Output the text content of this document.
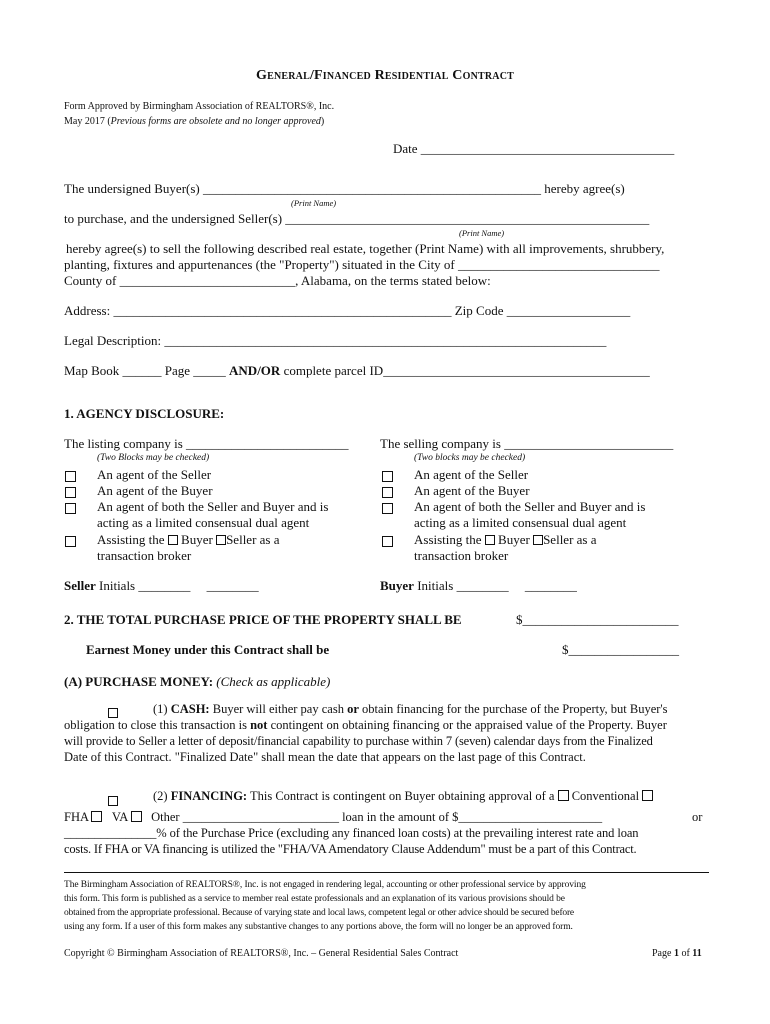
General/Financed Residential Contract
Form Approved by Birmingham Association of REALTORS®, Inc.
May 2017 (Previous forms are obsolete and no longer approved)
Date _______________________________________
The undersigned Buyer(s) ____________________________________________________ hereby agree(s)
(Print Name)
to purchase, and the undersigned Seller(s) ________________________________________________________
(Print Name)
hereby agree(s) to sell the following described real estate, together (Print Name) with all improvements, shrubbery,
planting, fixtures and appurtenances (the "Property") situated in the City of _______________________________
County of ___________________________, Alabama, on the terms stated below:
Address: ____________________________________________________ Zip Code ___________________
Legal Description: ____________________________________________________________________
Map Book ______ Page _____ AND/OR complete parcel ID_________________________________________
1. AGENCY DISCLOSURE:
The listing company is _________________________ The selling company is __________________________
(Two Blocks may be checked)	(Two blocks may be checked)
An agent of the Seller
An agent of the Buyer
An agent of both the Seller and Buyer and is
acting as a limited consensual dual agent
Assisting the Buyer Seller as a
transaction broker
An agent of the Seller
An agent of the Buyer
An agent of both the Seller and Buyer and is
acting as a limited consensual dual agent
Assisting the Buyer Seller as a
transaction broker
Seller Initials ________     ________	Buyer Initials ________     ________
2. THE TOTAL PURCHASE PRICE OF THE PROPERTY SHALL BE	$________________________
Earnest Money under this Contract shall be	$_________________
(A) PURCHASE MONEY: (Check as applicable)
(1) CASH: Buyer will either pay cash or obtain financing for the purchase of the Property, but Buyer's
obligation to close this transaction is not contingent on obtaining financing or the appraised value of the Property. Buyer
will provide to Seller a letter of deposit/financial capability to purchase within 7 (seven) calendar days from the Finalized
Date of this Contract. "Finalized Date" shall mean the date that appears on the last page of this Contract.
(2) FINANCING: This Contract is contingent on Buyer obtaining approval of a Conventional
FHA VA Other _________________________ loan in the amount of $_______________________	or
_______________% of the Purchase Price (excluding any financed loan costs) at the prevailing interest rate and loan
costs. If FHA or VA financing is utilized the "FHA/VA Amendatory Clause Addendum" must be a part of this Contract.
The Birmingham Association of REALTORS®, Inc. is not engaged in rendering legal, accounting or other professional service by approving
this form. This form is published as a service to member real estate professionals and an explanation of its various provisions should be
obtained from the appropriate professional. Because of varying state and local laws, competent legal or other advice should be secured before
using any form. If a user of this form makes any substantive changes to any portions above, the form will no longer be an approved form.
Copyright © Birmingham Association of REALTORS®, Inc. – General Residential Sales Contract	Page 1 of 11
